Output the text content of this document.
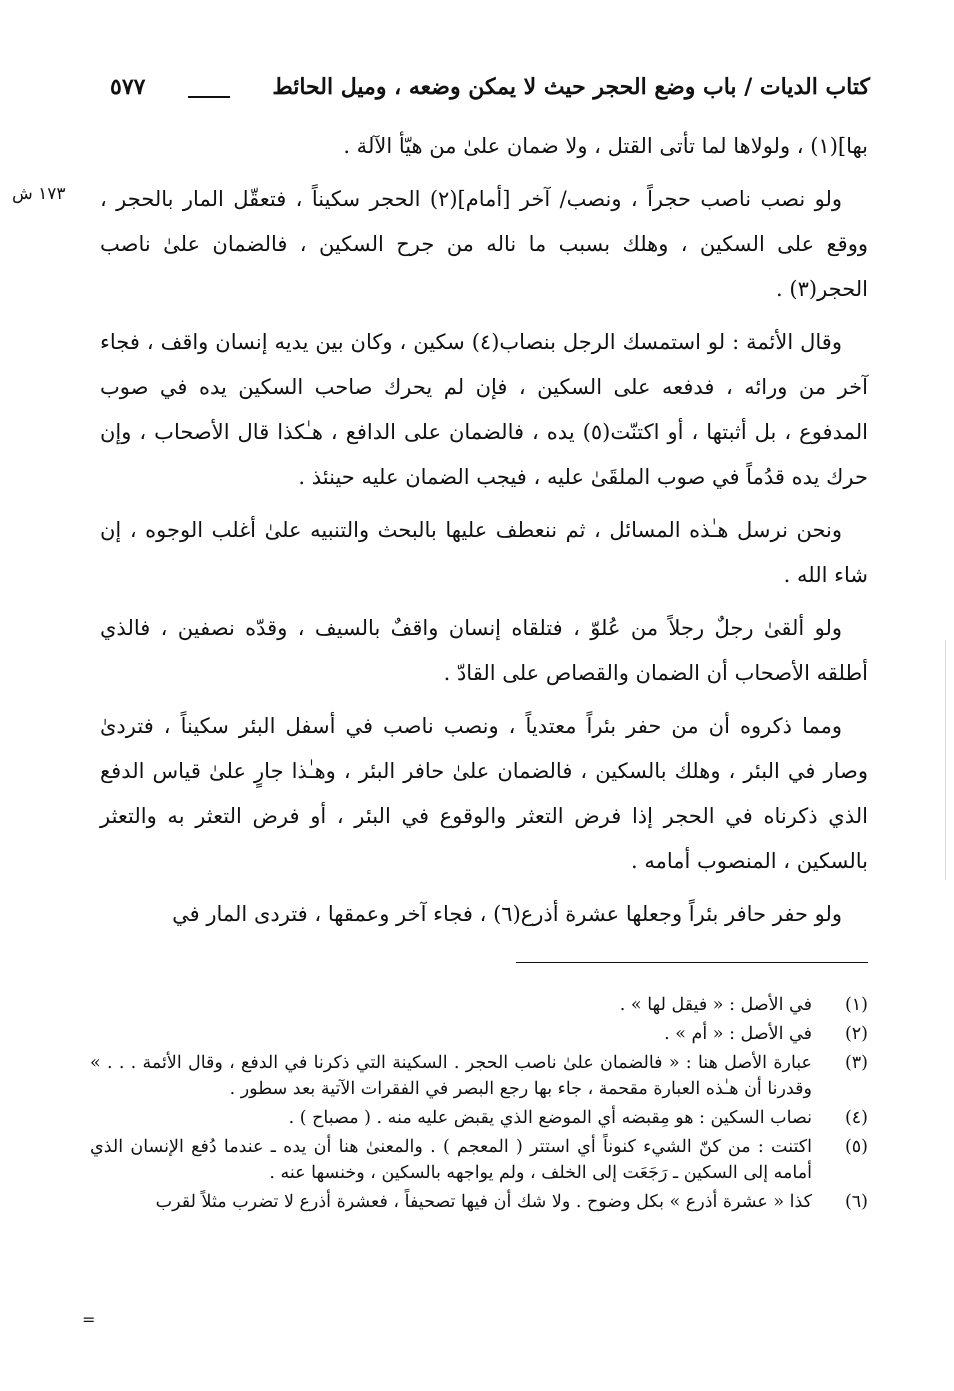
كتاب الديات / باب وضع الحجر حيث لا يمكن وضعه ، وميل الحائط
٥٧٧
١٧٣ ش

بها](١) ، ولولاها لما تأتى القتل ، ولا ضمان علىٰ من هيّأ الآلة .

ولو نصب ناصب حجراً ، ونصب/ آخر [أمام](٢) الحجر سكيناً ، فتعقّل المار بالحجر ، ووقع على السكين ، وهلك بسبب ما ناله من جرح السكين ، فالضمان علىٰ ناصب الحجر(٣) .

وقال الأئمة : لو استمسك الرجل بنصاب(٤) سكين ، وكان بين يديه إنسان واقف ، فجاء آخر من ورائه ، فدفعه على السكين ، فإن لم يحرك صاحب السكين يده في صوب المدفوع ، بل أثبتها ، أو اكتنّت(٥) يده ، فالضمان على الدافع ، هـٰكذا قال الأصحاب ، وإن حرك يده قدُماً في صوب الملقَىٰ عليه ، فيجب الضمان عليه حينئذ .

ونحن نرسل هـٰذه المسائل ، ثم ننعطف عليها بالبحث والتنبيه علىٰ أغلب الوجوه ، إن شاء الله .

ولو ألقىٰ رجلٌ رجلاً من عُلوّ ، فتلقاه إنسان واقفٌ بالسيف ، وقدّه نصفين ، فالذي أطلقه الأصحاب أن الضمان والقصاص على القادّ .

ومما ذكروه أن من حفر بئراً معتدياً ، ونصب ناصب في أسفل البئر سكيناً ، فتردىٰ وصار في البئر ، وهلك بالسكين ، فالضمان علىٰ حافر البئر ، وهـٰذا جارٍ علىٰ قياس الدفع الذي ذكرناه في الحجر إذا فرض التعثر والوقوع في البئر ، أو فرض التعثر به والتعثر بالسكين ، المنصوب أمامه .

ولو حفر حافر بئراً وجعلها عشرة أذرع(٦) ، فجاء آخر وعمقها ، فتردى المار في

(١)
في الأصل : « فيقل لها » .
(٢)
في الأصل : « أم » .
(٣)
عبارة الأصل هنا : « فالضمان علىٰ ناصب الحجر . السكينة التي ذكرنا في الدفع ، وقال الأئمة . . . » وقدرنا أن هـٰذه العبارة مقحمة ، جاء بها رجع البصر في الفقرات الآتية بعد سطور .
(٤)
نصاب السكين : هو مِقبضه أي الموضع الذي يقبض عليه منه . ( مصباح ) .
(٥)
اكتنت : من كنّ الشيء كنوناً أي استتر ( المعجم ) . والمعنىٰ هنا أن يده ـ عندما دُفع الإنسان الذي أمامه إلى السكين ـ رَجَعَت إلى الخلف ، ولم يواجهه بالسكين ، وخنسها عنه .
(٦)
كذا « عشرة أذرع » بكل وضوح . ولا شك أن فيها تصحيفاً ، فعشرة أذرع لا تضرب مثلاً لقرب
=
